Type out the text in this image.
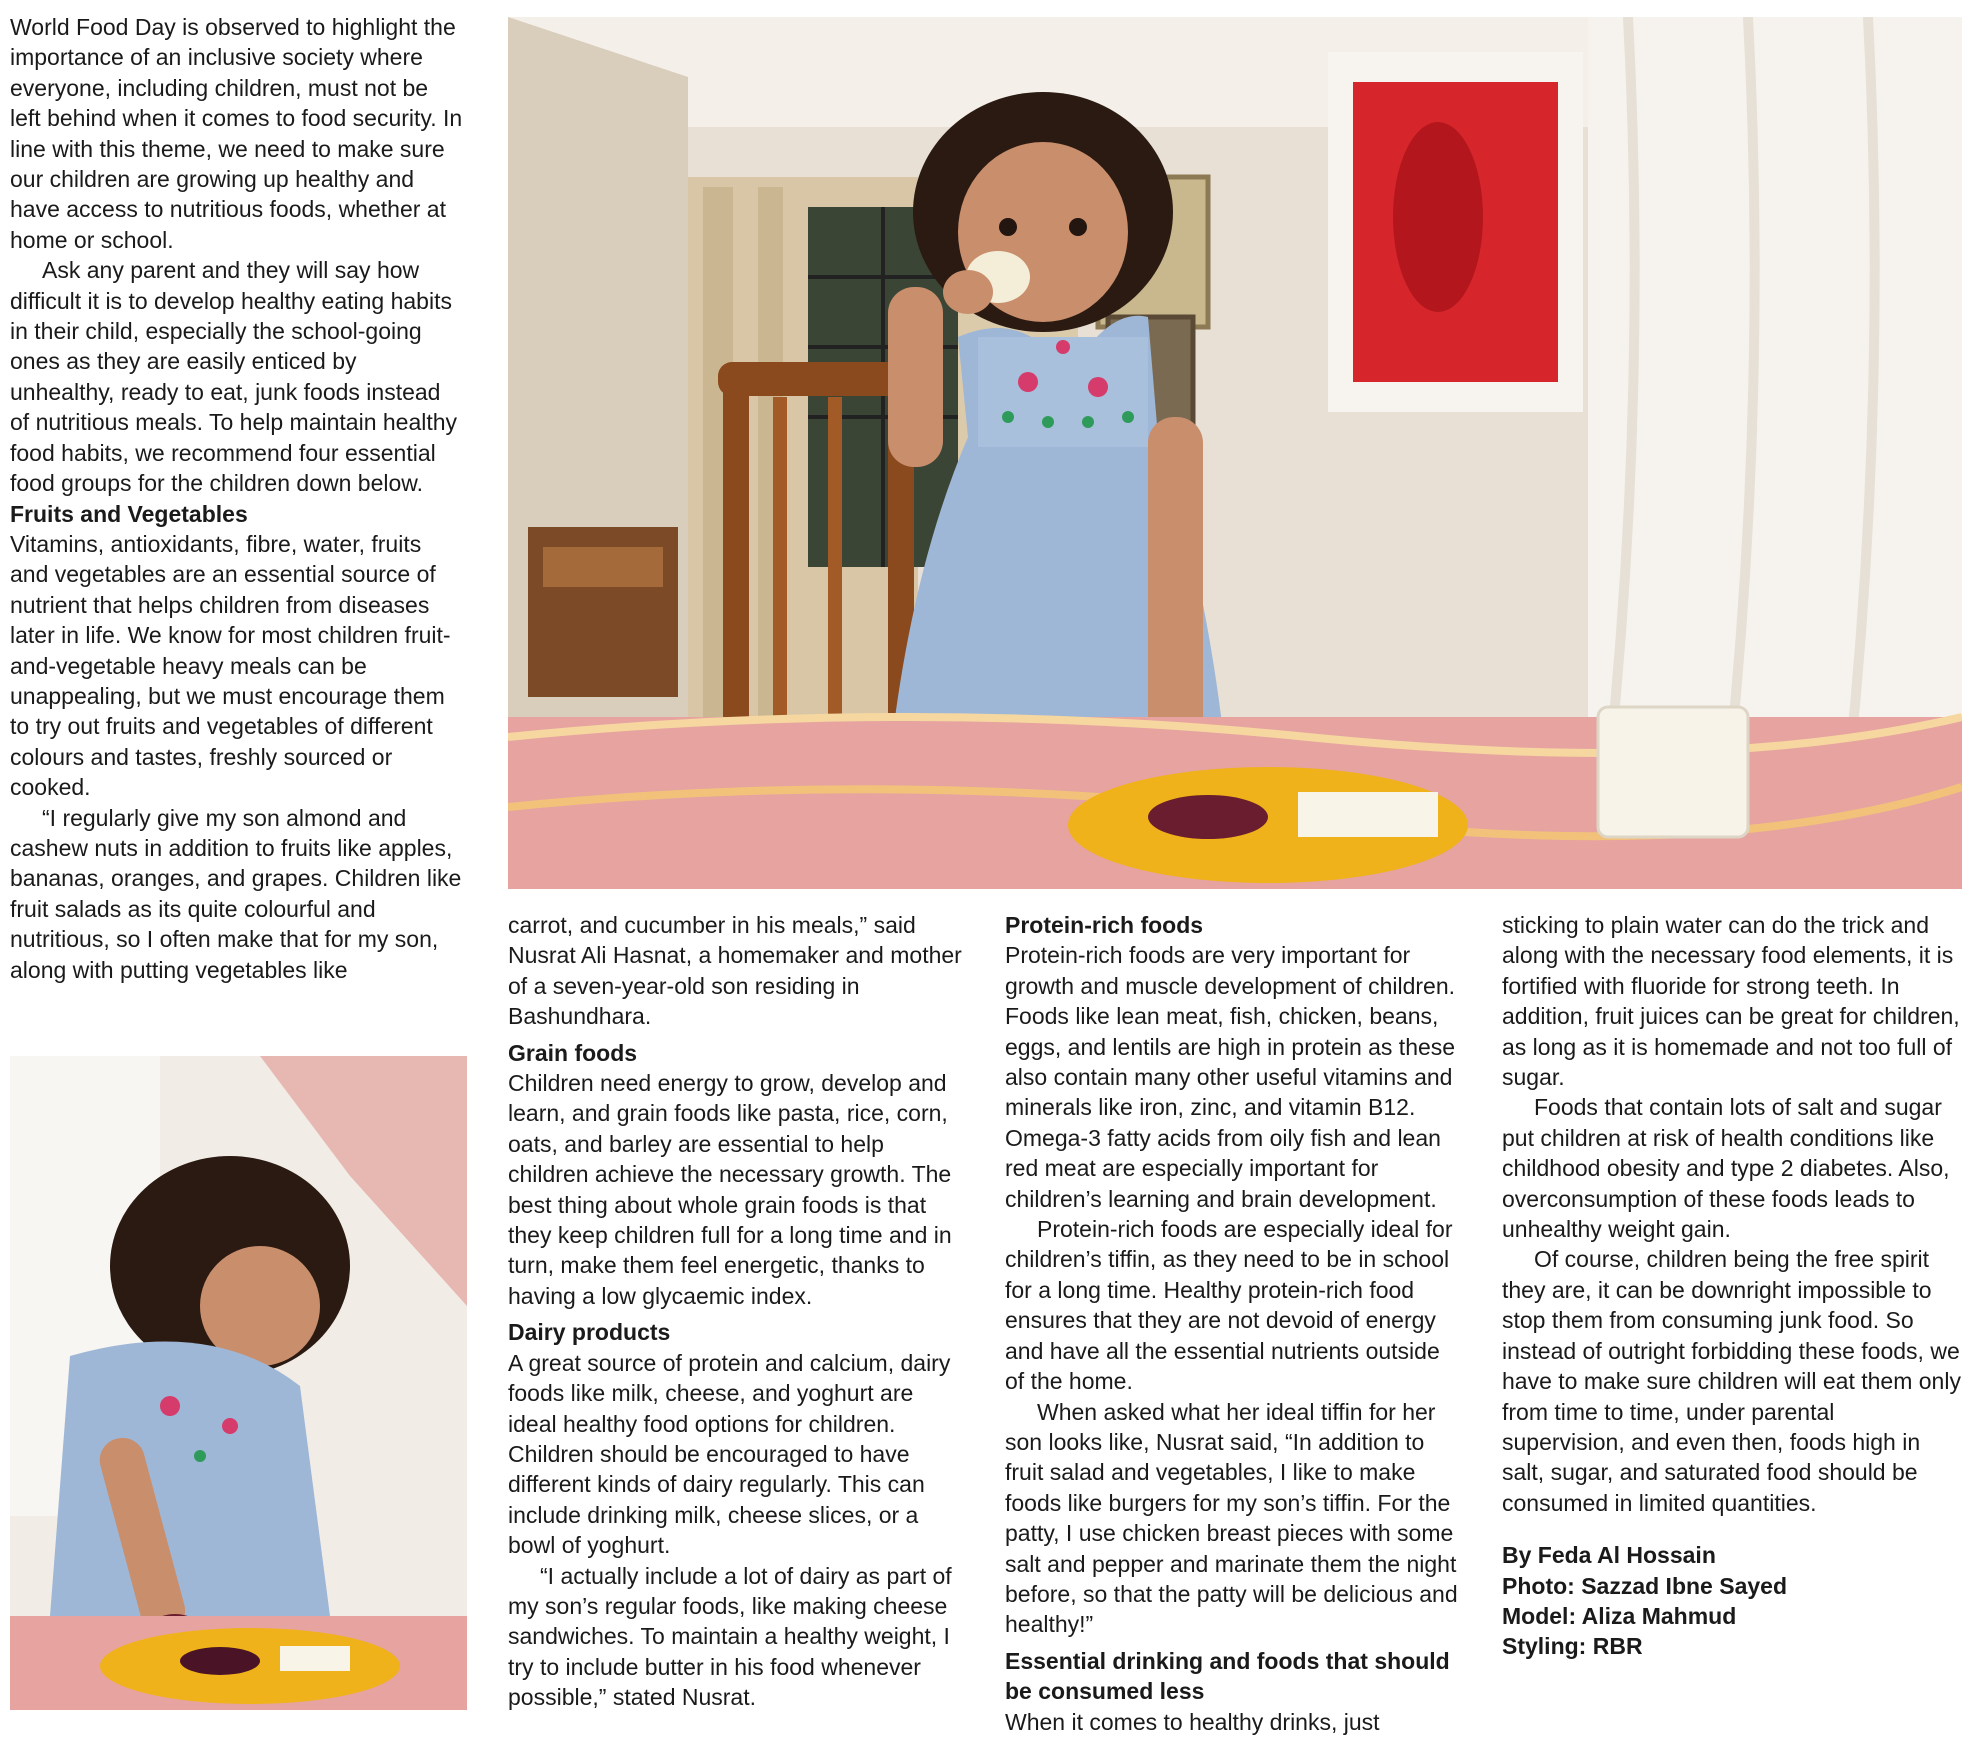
World Food Day is observed to highlight the importance of an inclusive society where everyone, including children, must not be left behind when it comes to food security. In line with this theme, we need to make sure our children are growing up healthy and have access to nutritious foods, whether at home or school.

Ask any parent and they will say how difficult it is to develop healthy eating habits in their child, especially the school-going ones as they are easily enticed by unhealthy, ready to eat, junk foods instead of nutritious meals. To help maintain healthy food habits, we recommend four essential food groups for the children down below.

Fruits and Vegetables

Vitamins, antioxidants, fibre, water, fruits and vegetables are an essential source of nutrient that helps children from diseases later in life. We know for most children fruit-and-vegetable heavy meals can be unappealing, but we must encourage them to try out fruits and vegetables of different colours and tastes, freshly sourced or cooked.

“I regularly give my son almond and cashew nuts in addition to fruits like apples, bananas, oranges, and grapes. Children like fruit salads as its quite colourful and nutritious, so I often make that for my son, along with putting vegetables like

carrot, and cucumber in his meals,” said Nusrat Ali Hasnat, a homemaker and mother of a seven-year-old son residing in Bashundhara.

Grain foods

Children need energy to grow, develop and learn, and grain foods like pasta, rice, corn, oats, and barley are essential to help children achieve the necessary growth. The best thing about whole grain foods is that they keep children full for a long time and in turn, make them feel energetic, thanks to having a low glycaemic index.

Dairy products

A great source of protein and calcium, dairy foods like milk, cheese, and yoghurt are ideal healthy food options for children. Children should be encouraged to have different kinds of dairy regularly. This can include drinking milk, cheese slices, or a bowl of yoghurt.

“I actually include a lot of dairy as part of my son’s regular foods, like making cheese sandwiches. To maintain a healthy weight, I try to include butter in his food whenever possible,” stated Nusrat.

Protein-rich foods

Protein-rich foods are very important for growth and muscle development of children. Foods like lean meat, fish, chicken, beans, eggs, and lentils are high in protein as these also contain many other useful vitamins and minerals like iron, zinc, and vitamin B12. Omega-3 fatty acids from oily fish and lean red meat are especially important for children’s learning and brain development.

Protein-rich foods are especially ideal for children’s tiffin, as they need to be in school for a long time. Healthy protein-rich food ensures that they are not devoid of energy and have all the essential nutrients outside of the home.

When asked what her ideal tiffin for her son looks like, Nusrat said, “In addition to fruit salad and vegetables, I like to make foods like burgers for my son’s tiffin. For the patty, I use chicken breast pieces with some salt and pepper and marinate them the night before, so that the patty will be delicious and healthy!”

Essential drinking and foods that should be consumed less

When it comes to healthy drinks, just

sticking to plain water can do the trick and along with the necessary food elements, it is fortified with fluoride for strong teeth. In addition, fruit juices can be great for children, as long as it is homemade and not too full of sugar.

Foods that contain lots of salt and sugar put children at risk of health conditions like childhood obesity and type 2 diabetes. Also, overconsumption of these foods leads to unhealthy weight gain.

Of course, children being the free spirit they are, it can be downright impossible to stop them from consuming junk food. So instead of outright forbidding these foods, we have to make sure children will eat them only from time to time, under parental supervision, and even then, foods high in salt, sugar, and saturated food should be consumed in limited quantities.

By Feda Al Hossain
Photo: Sazzad Ibne Sayed
Model: Aliza Mahmud
Styling: RBR
